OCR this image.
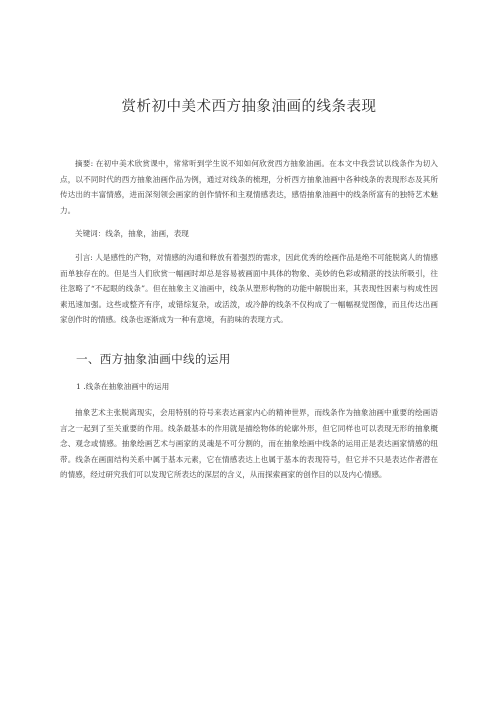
赏析初中美术西方抽象油画的线条表现

摘要: 在初中美术欣赏课中，常常听到学生说不知如何欣赏西方抽象油画。在本文中我尝试以线条作为切入点，以不同时代的西方抽象油画作品为例，通过对线条的梳理，分析西方抽象油画中各种线条的表现形态及其所传达出的丰富情感，进而深刻领会画家的创作情怀和主观情感表达，感悟抽象油画中的线条所富有的独特艺术魅力。

关键词：线条，抽象，油画，表现

引言: 人是感性的产物，对情感的沟通和释放有着强烈的需求，因此优秀的绘画作品是绝不可能脱离人的情感而单独存在的。但是当人们欣赏一幅画时却总是容易被画面中具体的物象、美妙的色彩或精湛的技法所吸引，往往忽略了“不起眼的线条”。但在抽象主义油画中，线条从塑形构物的功能中解脱出来，其表现性因素与构成性因素迅速加强。这些或整齐有序，或错综复杂，或活泼，或冷静的线条不仅构成了一幅幅视觉图像，而且传达出画家创作时的情感。线条也逐渐成为一种有意境，有韵味的表现方式。

一、西方抽象油画中线的运用
1 .线条在抽象油画中的运用

抽象艺术主张脱离现实，会用特别的符号来表达画家内心的精神世界，而线条作为抽象油画中重要的绘画语言之一起到了至关重要的作用。线条最基本的作用就是描绘物体的轮廓外形，但它同样也可以表现无形的抽象概念、观念或情感。抽象绘画艺术与画家的灵魂是不可分割的，而在抽象绘画中线条的运用正是表达画家情感的纽带。线条在画面结构关系中属于基本元素，它在情感表达上也属于基本的表现符号，但它并不只是表达作者潜在的情感，经过研究我们可以发现它所表达的深层的含义，从而探索画家的创作目的以及内心情感。
